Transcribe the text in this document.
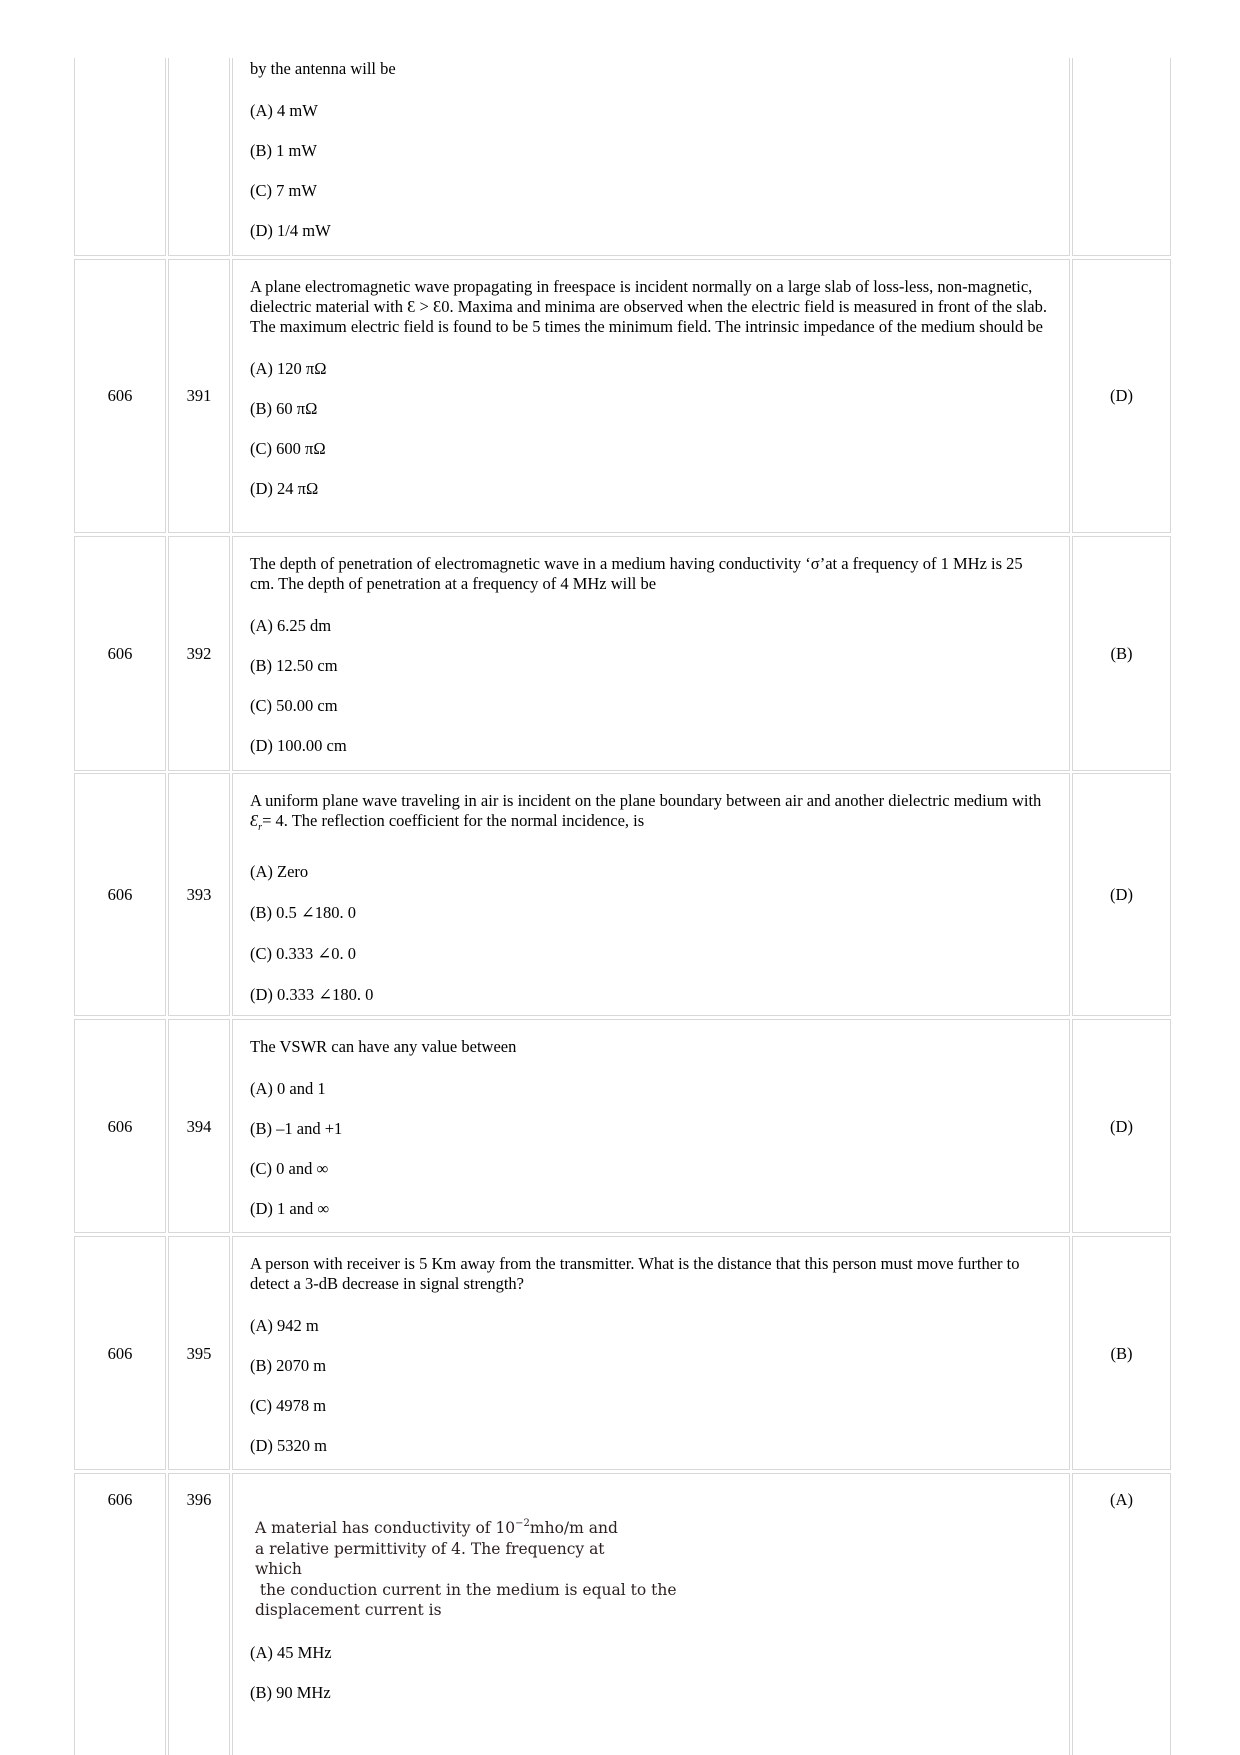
by the antenna will be

(A) 4 mW

(B) 1 mW

(C) 7 mW

(D) 1/4 mW

606	391

A plane electromagnetic wave propagating in freespace is incident normally on a large slab of loss-less, non-magnetic, dielectric material with Ɛ > Ɛ0. Maxima and minima are observed when the electric field is measured in front of the slab. The maximum electric field is found to be 5 times the minimum field. The intrinsic impedance of the medium should be

(A) 120 πΩ

(B) 60 πΩ

(C) 600 πΩ

(D) 24 πΩ

(D)
606	392

The depth of penetration of electromagnetic wave in a medium having conductivity ‘σ’at a frequency of 1 MHz is 25 cm. The depth of penetration at a frequency of 4 MHz will be

(A) 6.25 dm

(B) 12.50 cm

(C) 50.00 cm

(D) 100.00 cm

(B)
606	393

A uniform plane wave traveling in air is incident on the plane boundary between air and another dielectric medium with $Ɛ_r= 4$. The reflection coefficient for the normal incidence, is

(A) Zero

(B) 0.5 ∠180. 0

(C) 0.333 ∠0. 0

(D) 0.333 ∠180. 0

(D)
606	394

The VSWR can have any value between

(A) 0 and 1

(B) –1 and +1

(C) 0 and ∞

(D) 1 and ∞

(D)
606	395

A person with receiver is 5 Km away from the transmitter. What is the distance that this person must move further to detect a 3-dB decrease in signal strength?

(A) 942 m

(B) 2070 m

(C) 4978 m

(D) 5320 m

(B)
606	396
A material has conductivity of $10^{-2}mho/m$ and
a relative permittivity of 4. The frequency at which
the conduction current in the medium is equal to the
displacement current is

(A) 45 MHz

(B) 90 MHz

(A)
